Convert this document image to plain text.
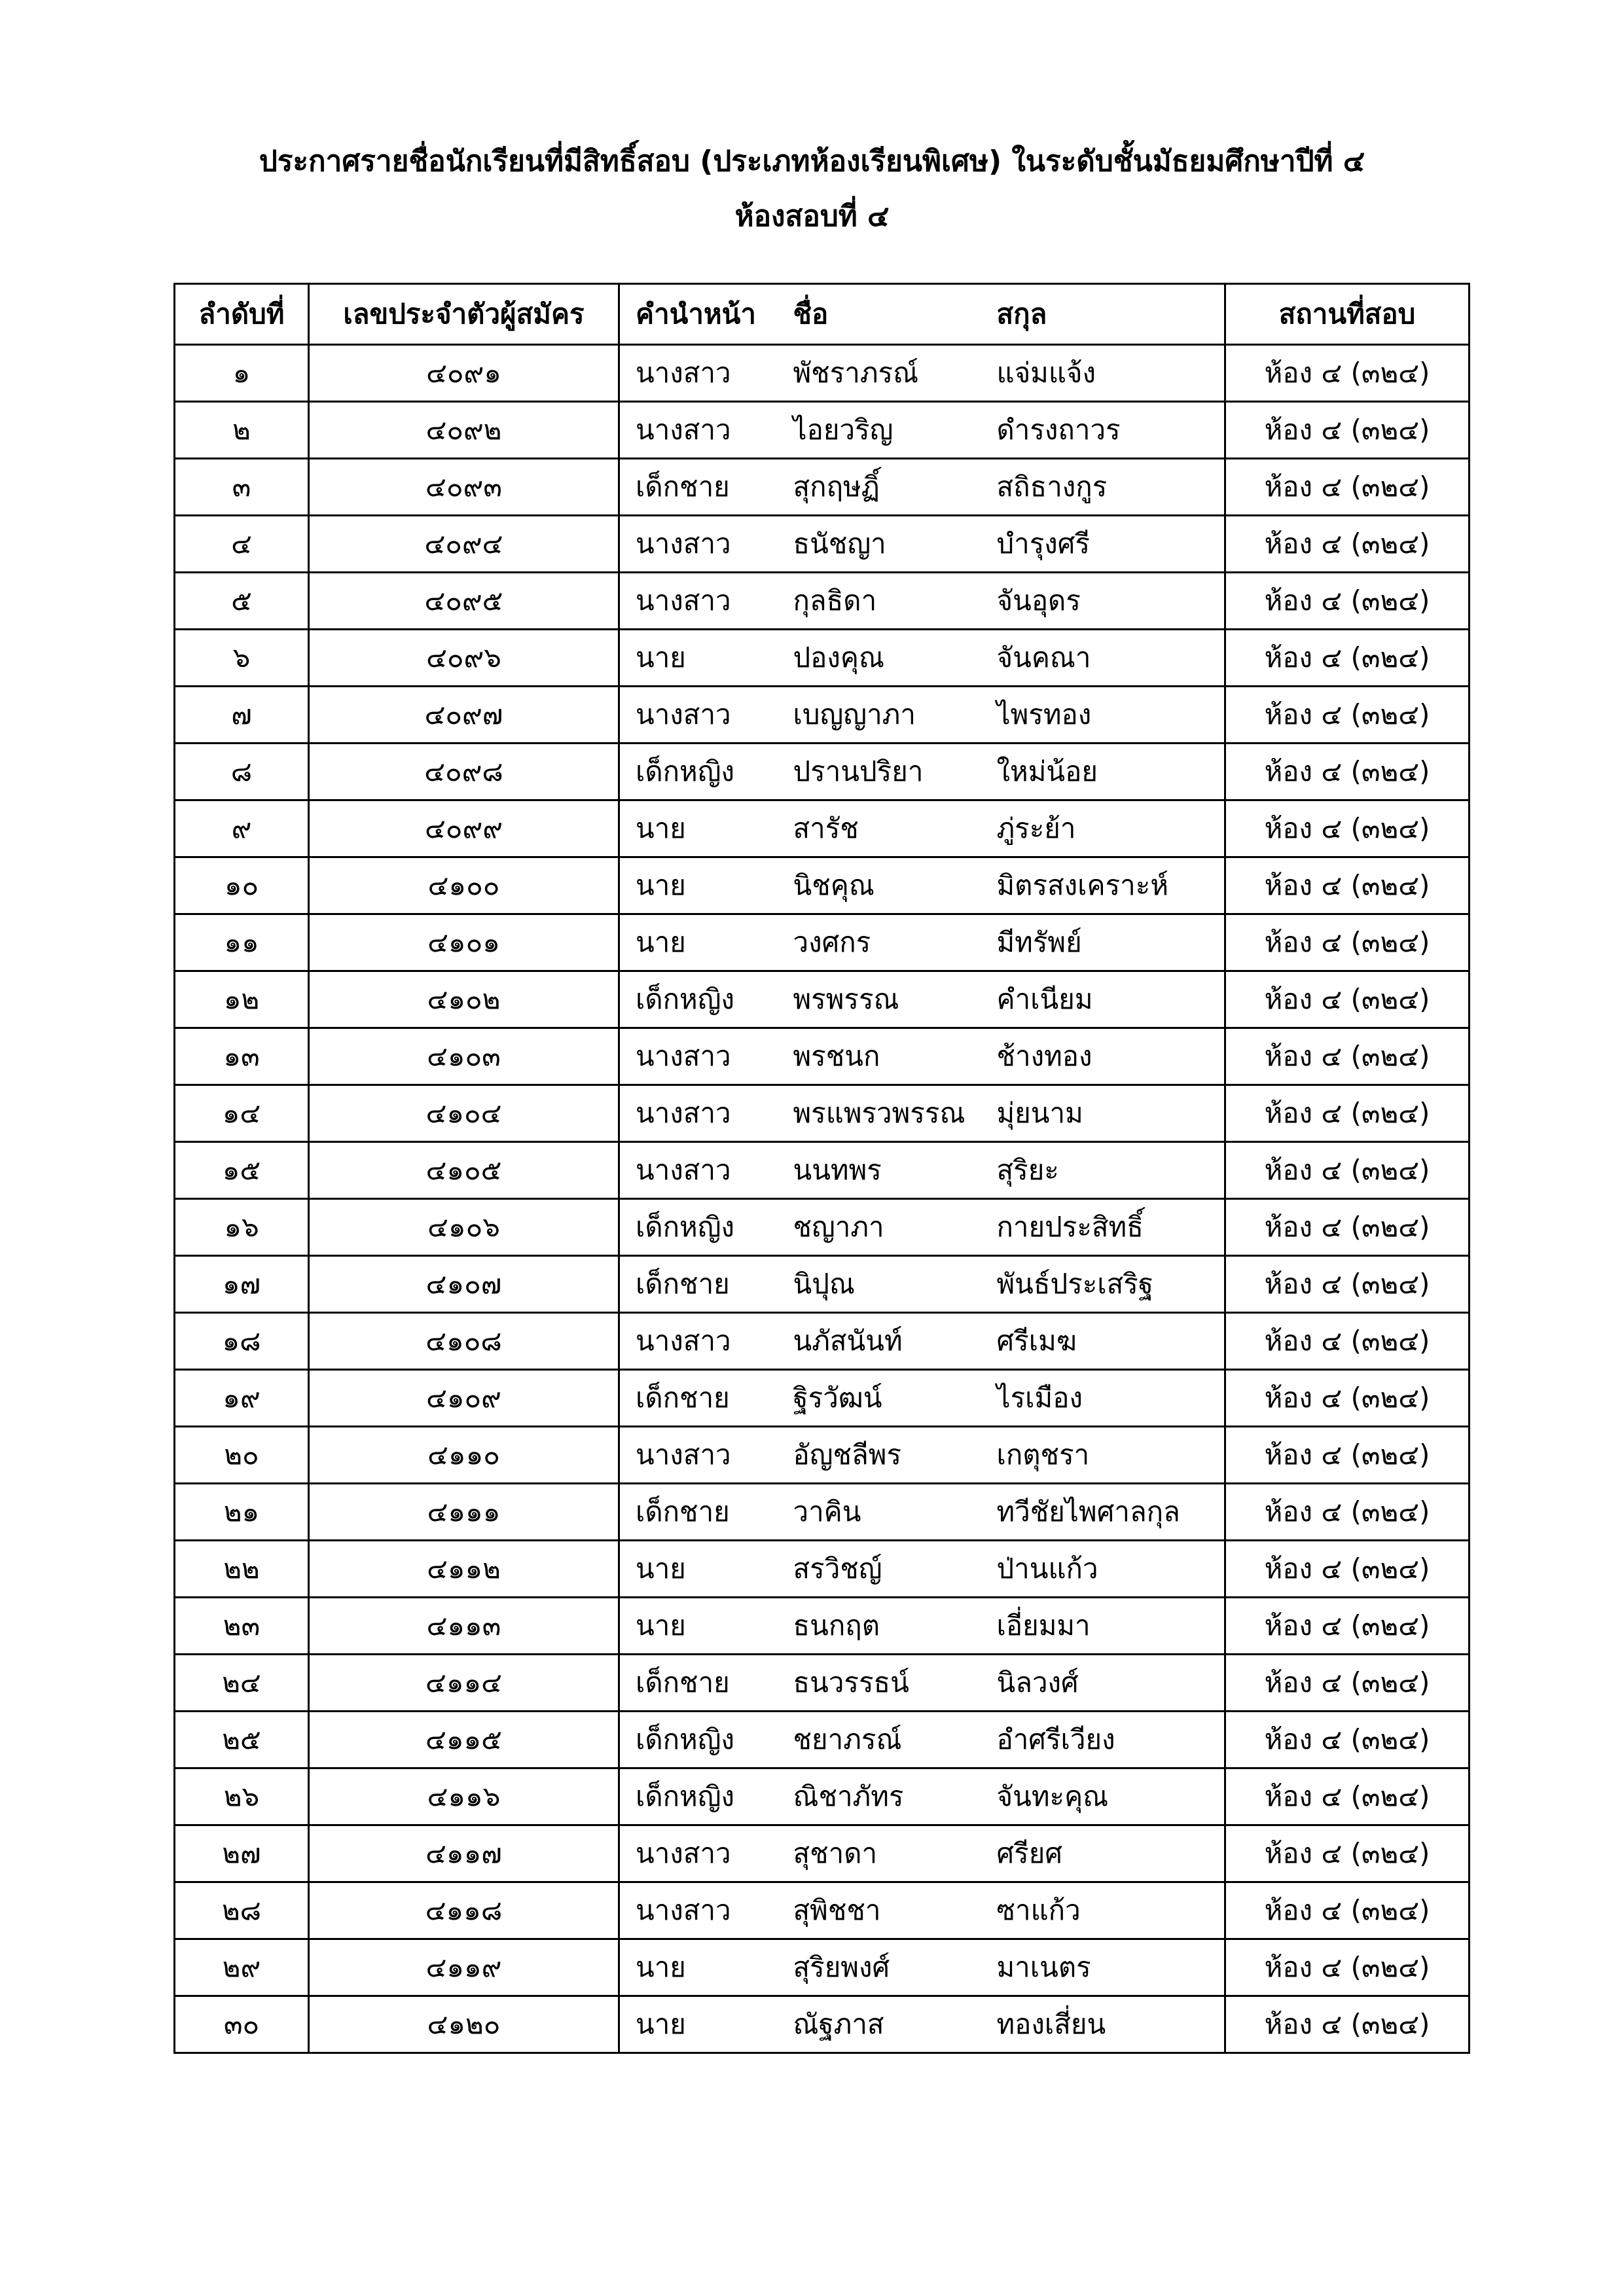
ประกาศรายชื่อนักเรียนที่มีสิทธิ์สอบ (ประเภทห้องเรียนพิเศษ) ในระดับชั้นมัธยมศึกษาปีที่ ๔
ห้องสอบที่ ๔
ลำดับที่	เลขประจำตัวผู้สมัคร	คำนำหน้า	ชื่อ	สกุล	สถานที่สอบ
๑	๔๐๙๑	นางสาว	พัชราภรณ์	แจ่มแจ้ง	ห้อง ๔ (๓๒๔)
๒	๔๐๙๒	นางสาว	ไอยวริญ	ดำรงถาวร	ห้อง ๔ (๓๒๔)
๓	๔๐๙๓	เด็กชาย	สุกฤษฏิ์	สถิธางกูร	ห้อง ๔ (๓๒๔)
๔	๔๐๙๔	นางสาว	ธนัชญา	บำรุงศรี	ห้อง ๔ (๓๒๔)
๕	๔๐๙๕	นางสาว	กุลธิดา	จันอุดร	ห้อง ๔ (๓๒๔)
๖	๔๐๙๖	นาย	ปองคุณ	จันคณา	ห้อง ๔ (๓๒๔)
๗	๔๐๙๗	นางสาว	เบญญาภา	ไพรทอง	ห้อง ๔ (๓๒๔)
๘	๔๐๙๘	เด็กหญิง	ปรานปริยา	ใหม่น้อย	ห้อง ๔ (๓๒๔)
๙	๔๐๙๙	นาย	สารัช	ภู่ระย้า	ห้อง ๔ (๓๒๔)
๑๐	๔๑๐๐	นาย	นิชคุณ	มิตรสงเคราะห์	ห้อง ๔ (๓๒๔)
๑๑	๔๑๐๑	นาย	วงศกร	มีทรัพย์	ห้อง ๔ (๓๒๔)
๑๒	๔๑๐๒	เด็กหญิง	พรพรรณ	คำเนียม	ห้อง ๔ (๓๒๔)
๑๓	๔๑๐๓	นางสาว	พรชนก	ช้างทอง	ห้อง ๔ (๓๒๔)
๑๔	๔๑๐๔	นางสาว	พรแพรวพรรณ	มุ่ยนาม	ห้อง ๔ (๓๒๔)
๑๕	๔๑๐๕	นางสาว	นนทพร	สุริยะ	ห้อง ๔ (๓๒๔)
๑๖	๔๑๐๖	เด็กหญิง	ชญาภา	กายประสิทธิ์	ห้อง ๔ (๓๒๔)
๑๗	๔๑๐๗	เด็กชาย	นิปุณ	พันธ์ประเสริฐ	ห้อง ๔ (๓๒๔)
๑๘	๔๑๐๘	นางสาว	นภัสนันท์	ศรีเมฆ	ห้อง ๔ (๓๒๔)
๑๙	๔๑๐๙	เด็กชาย	ฐิรวัฒน์	ไรเมือง	ห้อง ๔ (๓๒๔)
๒๐	๔๑๑๐	นางสาว	อัญชลีพร	เกตุชรา	ห้อง ๔ (๓๒๔)
๒๑	๔๑๑๑	เด็กชาย	วาคิน	ทวีชัยไพศาลกุล	ห้อง ๔ (๓๒๔)
๒๒	๔๑๑๒	นาย	สรวิชญ์	ป่านแก้ว	ห้อง ๔ (๓๒๔)
๒๓	๔๑๑๓	นาย	ธนกฤต	เอี่ยมมา	ห้อง ๔ (๓๒๔)
๒๔	๔๑๑๔	เด็กชาย	ธนวรรธน์	นิลวงศ์	ห้อง ๔ (๓๒๔)
๒๕	๔๑๑๕	เด็กหญิง	ชยาภรณ์	อำศรีเวียง	ห้อง ๔ (๓๒๔)
๒๖	๔๑๑๖	เด็กหญิง	ณิชาภัทร	จันทะคุณ	ห้อง ๔ (๓๒๔)
๒๗	๔๑๑๗	นางสาว	สุชาดา	ศรียศ	ห้อง ๔ (๓๒๔)
๒๘	๔๑๑๘	นางสาว	สุพิชชา	ซาแก้ว	ห้อง ๔ (๓๒๔)
๒๙	๔๑๑๙	นาย	สุริยพงศ์	มาเนตร	ห้อง ๔ (๓๒๔)
๓๐	๔๑๒๐	นาย	ณัฐภาส	ทองเสี่ยน	ห้อง ๔ (๓๒๔)
